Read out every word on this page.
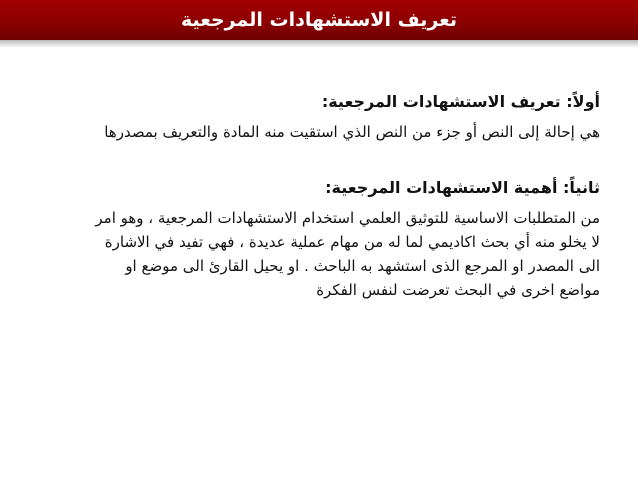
تعريف الاستشهادات المرجعية

أولاً: تعريف الاستشهادات المرجعية:

هي إحالة إلى النص أو جزء من النص الذي استقيت منه المادة والتعريف بمصدرها

ثانياً: أهمية الاستشهادات المرجعية:

من المتطلبات الاساسية للتوثيق العلمي استخدام الاستشهادات المرجعية ، وهو امر
لا يخلو منه أي بحث اكاديمي لما له من مهام عملية عديدة ، فهي تفيد في الاشارة
الى المصدر او المرجع الذى استشهد به الباحث . او يحيل القارئ الى موضع او
مواضع اخرى في البحث تعرضت لنفس الفكرة
